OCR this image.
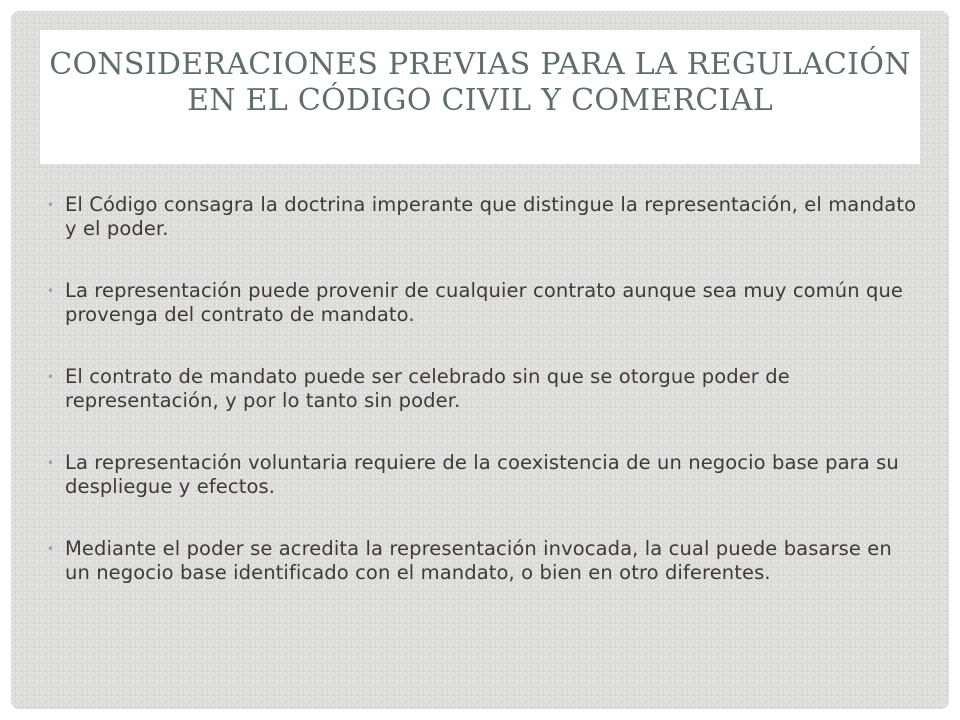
CONSIDERACIONES PREVIAS PARA LA REGULACIÓN EN EL CÓDIGO CIVIL Y COMERCIAL
• El Código consagra la doctrina imperante que distingue la representación, el mandato y el poder.
• La representación puede provenir de cualquier contrato aunque sea muy común que provenga del contrato de mandato.
• El contrato de mandato puede ser celebrado sin que se otorgue poder de representación, y por lo tanto sin poder.
• La representación voluntaria requiere de la coexistencia de un negocio base para su despliegue y efectos.
• Mediante el poder se acredita la representación invocada, la cual puede basarse en un negocio base identificado con el mandato, o bien en otro diferentes.
